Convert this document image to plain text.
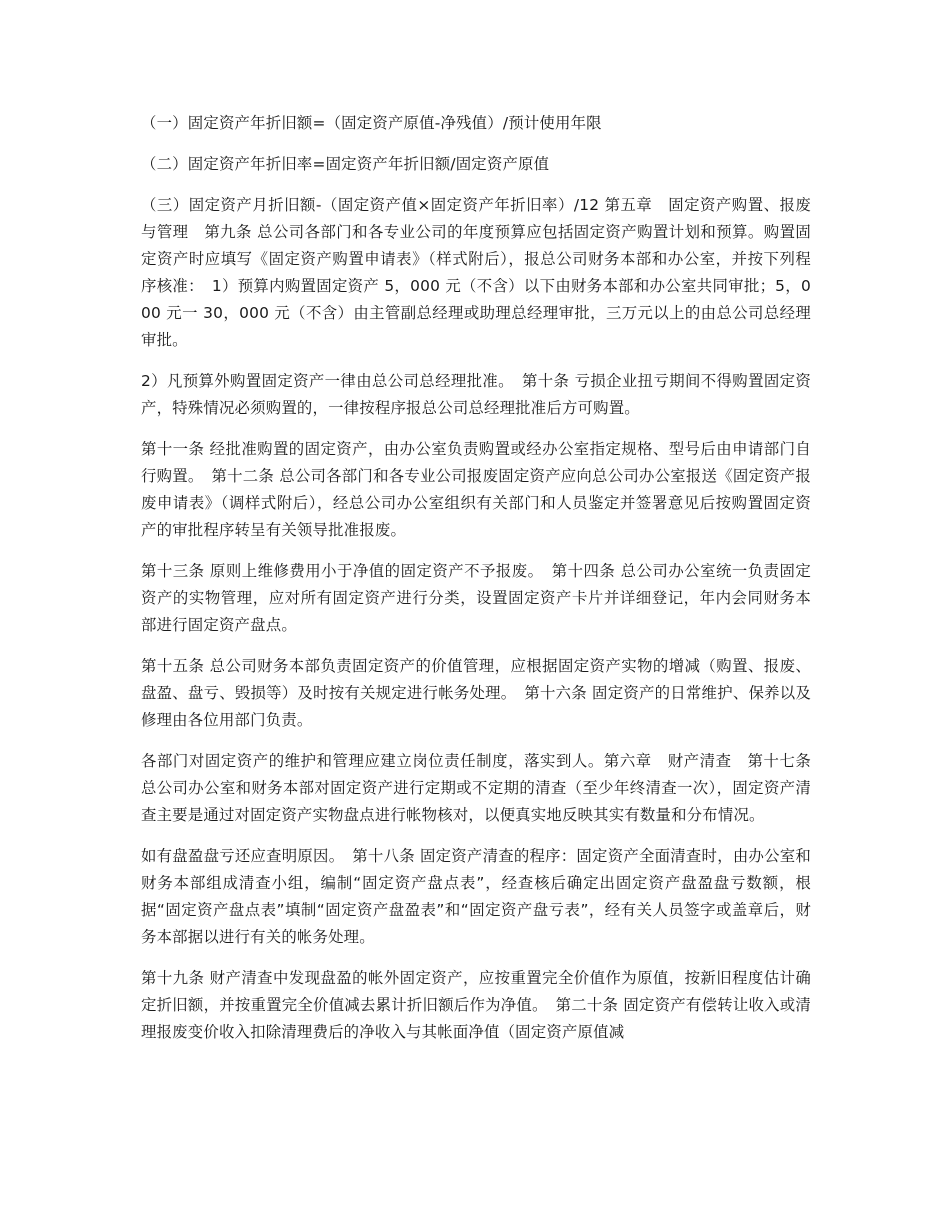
（一）固定资产年折旧额=（固定资产原值-净残值）/预计使用年限

（二）固定资产年折旧率=固定资产年折旧额/固定资产原值

（三）固定资产月折旧额-（固定资产值×固定资产年折旧率）/12 第五章　固定资产购置、报废与管理　第九条 总公司各部门和各专业公司的年度预算应包括固定资产购置计划和预算。购置固定资产时应填写《固定资产购置申请表》（样式附后），报总公司财务本部和办公室，并按下列程序核准：　1）预算内购置固定资产 5，000 元（不含）以下由财务本部和办公室共同审批；5，000 元一 30，000 元（不含）由主管副总经理或助理总经理审批，三万元以上的由总公司总经理审批。

2）凡预算外购置固定资产一律由总公司总经理批准。　第十条 亏损企业扭亏期间不得购置固定资产，特殊情况必须购置的，一律按程序报总公司总经理批准后方可购置。

第十一条 经批准购置的固定资产，由办公室负责购置或经办公室指定规格、型号后由申请部门自行购置。　第十二条 总公司各部门和各专业公司报废固定资产应向总公司办公室报送《固定资产报废申请表》（调样式附后），经总公司办公室组织有关部门和人员鉴定并签署意见后按购置固定资产的审批程序转呈有关领导批准报废。

第十三条 原则上维修费用小于净值的固定资产不予报废。　第十四条 总公司办公室统一负责固定资产的实物管理，应对所有固定资产进行分类，设置固定资产卡片并详细登记，年内会同财务本部进行固定资产盘点。

第十五条 总公司财务本部负责固定资产的价值管理，应根据固定资产实物的增减（购置、报废、盘盈、盘亏、毁损等）及时按有关规定进行帐务处理。　第十六条 固定资产的日常维护、保养以及修理由各位用部门负责。

各部门对固定资产的维护和管理应建立岗位责任制度，落实到人。第六章　财产清查　第十七条 总公司办公室和财务本部对固定资产进行定期或不定期的清查（至少年终清查一次），固定资产清查主要是通过对固定资产实物盘点进行帐物核对，以便真实地反映其实有数量和分布情况。

如有盘盈盘亏还应查明原因。　第十八条 固定资产清查的程序：固定资产全面清查时，由办公室和财务本部组成清查小组，编制“固定资产盘点表”，经查核后确定出固定资产盘盈盘亏数额，根据“固定资产盘点表”填制“固定资产盘盈表”和“固定资产盘亏表”，经有关人员签字或盖章后，财务本部据以进行有关的帐务处理。

第十九条 财产清查中发现盘盈的帐外固定资产，应按重置完全价值作为原值，按新旧程度估计确定折旧额，并按重置完全价值减去累计折旧额后作为净值。　第二十条 固定资产有偿转让收入或清理报废变价收入扣除清理费后的净收入与其帐面净值（固定资产原值减
